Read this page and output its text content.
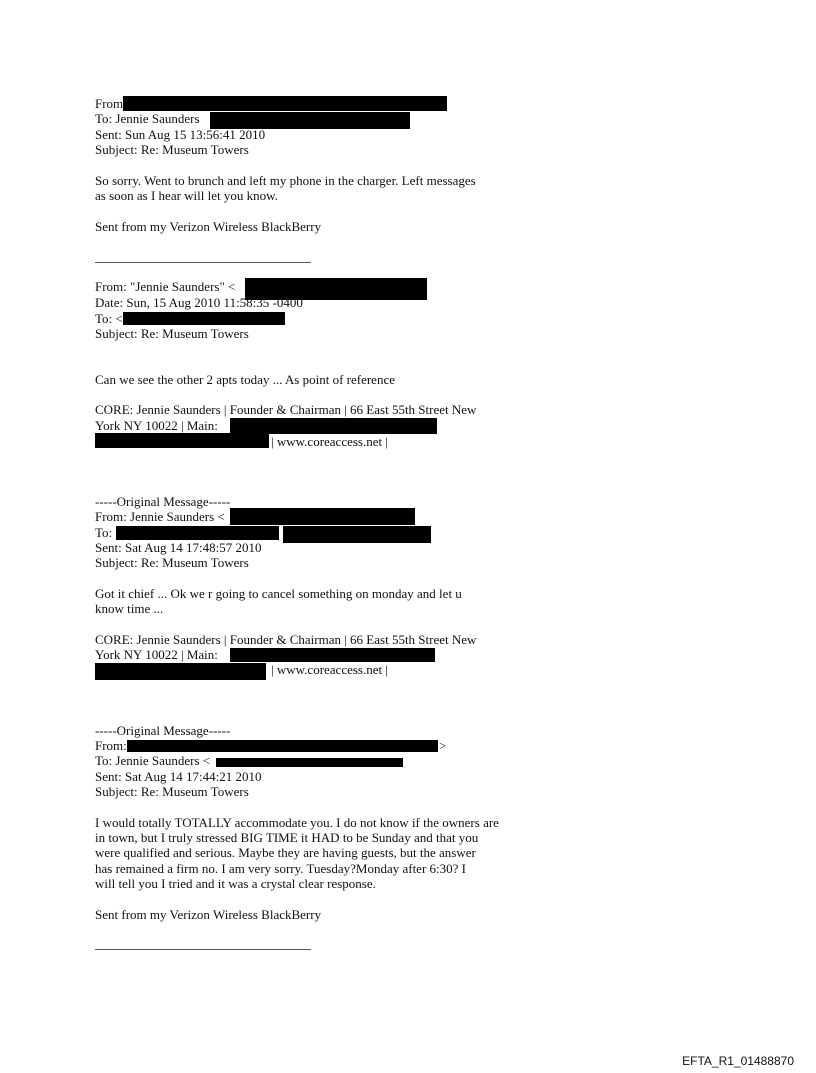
From
To: Jennie Saunders
Sent: Sun Aug 15 13:56:41 2010
Subject: Re: Museum Towers
So sorry. Went to brunch and left my phone in the charger. Left messages
as soon as I hear will let you know.
Sent from my Verizon Wireless BlackBerry
From: "Jennie Saunders" <
Date: Sun, 15 Aug 2010 11:58:35 -0400
To: <
Subject: Re: Museum Towers
Can we see the other 2 apts today ... As point of reference
CORE: Jennie Saunders | Founder & Chairman | 66 East 55th Street New
York NY 10022 | Main:
| www.coreaccess.net |
-----Original Message-----
From: Jennie Saunders <
To:
Sent: Sat Aug 14 17:48:57 2010
Subject: Re: Museum Towers
Got it chief ... Ok we r going to cancel something on monday and let u
know time ...
CORE: Jennie Saunders | Founder & Chairman | 66 East 55th Street New
York NY 10022 | Main:
| www.coreaccess.net |
-----Original Message-----
From:	>
To: Jennie Saunders <
Sent: Sat Aug 14 17:44:21 2010
Subject: Re: Museum Towers
I would totally TOTALLY accommodate you. I do not know if the owners are
in town, but I truly stressed BIG TIME it HAD to be Sunday and that you
were qualified and serious. Maybe they are having guests, but the answer
has remained a firm no. I am very sorry. Tuesday?Monday after 6:30? I
will tell you I tried and it was a crystal clear response.
Sent from my Verizon Wireless BlackBerry
EFTA_R1_01488870
